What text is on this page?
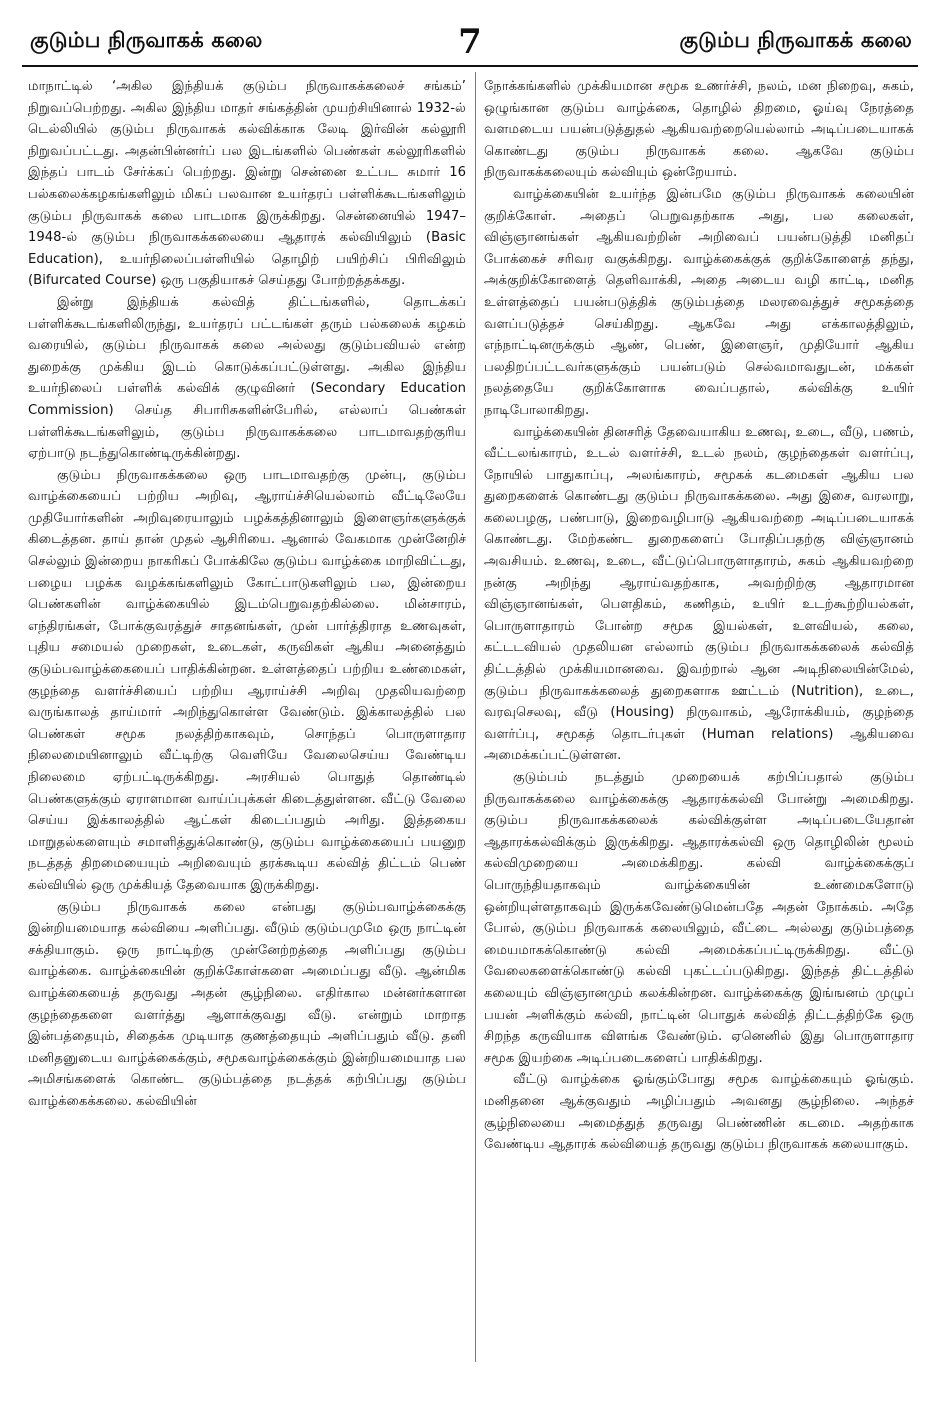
குடும்ப நிருவாகக் கலை	7	குடும்ப நிருவாகக் கலை

மாநாட்டில் ‘அகில இந்தியக் குடும்ப நிருவாகக்கலைச் சங்கம்’ நிறுவப்பெற்றது. அகில இந்திய மாதர் சங்கத்தின் முயற்சியினால் 1932-ல் டெல்லியில் குடும்ப நிருவாகக் கல்விக்காக லேடி இர்வின் கல்லூரி நிறுவப்பட்டது. அதன்பின்னர்ப் பல இடங்களில் பெண்கள் கல்லூரிகளில் இந்தப் பாடம் சேர்க்கப் பெற்றது. இன்று சென்னை உட்பட சுமார் 16 பல்கலைக்கழகங்களிலும் மிகப் பலவான உயர்தரப் பள்ளிக்கூடங்களிலும் குடும்ப நிருவாகக் கலை பாடமாக இருக்கிறது. சென்னையில் 1947–1948-ல் குடும்ப நிருவாகக்கலையை ஆதாரக் கல்வியிலும் (Basic Education), உயர்நிலைப்பள்ளியில் தொழிற் பயிற்சிப் பிரிவிலும் (Bifurcated Course) ஒரு பகுதியாகச் செய்தது போற்றத்தக்கது.

இன்று இந்தியக் கல்வித் திட்டங்களில், தொடக்கப் பள்ளிக்கூடங்களிலிருந்து, உயர்தரப் பட்டங்கள் தரும் பல்கலைக் கழகம் வரையில், குடும்ப நிருவாகக் கலை அல்லது குடும்பவியல் என்ற துறைக்கு முக்கிய இடம் கொடுக்கப்பட்டுள்ளது. அகில இந்திய உயர்நிலைப் பள்ளிக் கல்விக் குழுவினர் (Secondary Education Commission) செய்த சிபாரிசுகளின்பேரில், எல்லாப் பெண்கள் பள்ளிக்கூடங்களிலும், குடும்ப நிருவாகக்கலை பாடமாவதற்குரிய ஏற்பாடு நடந்துகொண்டிருக்கின்றது.

குடும்ப நிருவாகக்கலை ஒரு பாடமாவதற்கு முன்பு, குடும்ப வாழ்க்கையைப் பற்றிய அறிவு, ஆராய்ச்சியெல்லாம் வீட்டிலேயே முதியோர்களின் அறிவுரையாலும் பழக்கத்தினாலும் இளைஞர்களுக்குக் கிடைத்தன. தாய் தான் முதல் ஆசிரியை. ஆனால் வேகமாக முன்னேறிச் செல்லும் இன்றைய நாகரிகப் போக்கிலே குடும்ப வாழ்க்கை மாறிவிட்டது, பழைய பழக்க வழக்கங்களிலும் கோட்பாடுகளிலும் பல, இன்றைய பெண்களின் வாழ்க்கையில் இடம்பெறுவதற்கில்லை. மின்சாரம், எந்திரங்கள், போக்குவரத்துச் சாதனங்கள், முன் பார்த்திராத உணவுகள், புதிய சமையல் முறைகள், உடைகள், கருவிகள் ஆகிய அனைத்தும் குடும்பவாழ்க்கையைப் பாதிக்கின்றன. உள்ளத்தைப் பற்றிய உண்மைகள், குழந்தை வளர்ச்சியைப் பற்றிய ஆராய்ச்சி அறிவு முதலியவற்றை வருங்காலத் தாய்மார் அறிந்துகொள்ள வேண்டும். இக்காலத்தில் பல பெண்கள் சமூக நலத்திற்காகவும், சொந்தப் பொருளாதார நிலைமையினாலும் வீட்டிற்கு வெளியே வேலைசெய்ய வேண்டிய நிலைமை ஏற்பட்டிருக்கிறது. அரசியல் பொதுத் தொண்டில் பெண்களுக்கும் ஏராளமான வாய்ப்புக்கள் கிடைத்துள்ளன. வீட்டு வேலை செய்ய இக்காலத்தில் ஆட்கள் கிடைப்பதும் அரிது. இத்தகைய மாறுதல்களையும் சமாளித்துக்கொண்டு, குடும்ப வாழ்க்கையைப் பயனுற நடத்தத் திறமையையும் அறிவையும் தரக்கூடிய கல்வித் திட்டம் பெண் கல்வியில் ஒரு முக்கியத் தேவையாக இருக்கிறது.

குடும்ப நிருவாகக் கலை என்பது குடும்பவாழ்க்கைக்கு இன்றியமையாத கல்வியை அளிப்பது. வீடும் குடும்பமுமே ஒரு நாட்டின் சக்தியாகும். ஒரு நாட்டிற்கு முன்னேற்றத்தை அளிப்பது குடும்ப வாழ்க்கை. வாழ்க்கையின் குறிக்கோள்களை அமைப்பது வீடு. ஆன்மிக வாழ்க்கையைத் தருவது அதன் சூழ்நிலை. எதிர்கால மன்னர்களான குழந்தைகளை வளர்த்து ஆளாக்குவது வீடு. என்றும் மாறாத இன்பத்தையும், சிதைக்க முடியாத குணத்தையும் அளிப்பதும் வீடு. தனி மனிதனுடைய வாழ்க்கைக்கும், சமூகவாழ்க்கைக்கும் இன்றியமையாத பல அமிசங்களைக் கொண்ட குடும்பத்தை நடத்தக் கற்பிப்பது குடும்ப வாழ்க்கைக்கலை. கல்வியின்

நோக்கங்களில் முக்கியமான சமூக உணர்ச்சி, நலம், மன நிறைவு, சுகம், ஒழுங்கான குடும்ப வாழ்க்கை, தொழில் திறமை, ஓய்வு நேரத்தை வளமடைய பயன்படுத்துதல் ஆகியவற்றையெல்லாம் அடிப்படையாகக் கொண்டது குடும்ப நிருவாகக் கலை. ஆகவே குடும்ப நிருவாகக்கலையும் கல்வியும் ஒன்றேயாம்.

வாழ்க்கையின் உயர்ந்த இன்பமே குடும்ப நிருவாகக் கலையின் குறிக்கோள். அதைப் பெறுவதற்காக அது, பல கலைகள், விஞ்ஞானங்கள் ஆகியவற்றின் அறிவைப் பயன்படுத்தி மனிதப் போக்கைச் சரிவர வகுக்கிறது. வாழ்க்கைக்குக் குறிக்கோளைத் தந்து, அக்குறிக்கோளைத் தெளிவாக்கி, அதை அடைய வழி காட்டி, மனித உள்ளத்தைப் பயன்படுத்திக் குடும்பத்தை மலரவைத்துச் சமூகத்தை வளப்படுத்தச் செய்கிறது. ஆகவே அது எக்காலத்திலும், எந்நாட்டினருக்கும் ஆண், பெண், இளைஞர், முதியோர் ஆகிய பலதிறப்பட்டவர்களுக்கும் பயன்படும் செல்வமாவதுடன், மக்கள் நலத்தையே குறிக்கோளாக வைப்பதால், கல்விக்கு உயிர் நாடிபோலாகிறது.

வாழ்க்கையின் தினசரித் தேவையாகிய உணவு, உடை, வீடு, பணம், வீட்டலங்காரம், உடல் வளர்ச்சி, உடல் நலம், குழந்தைகள் வளர்ப்பு, நோயில் பாதுகாப்பு, அலங்காரம், சமூகக் கடமைகள் ஆகிய பல துறைகளைக் கொண்டது குடும்ப நிருவாகக்கலை. அது இசை, வரலாறு, கலைபழகு, பண்பாடு, இறைவழிபாடு ஆகியவற்றை அடிப்படையாகக் கொண்டது. மேற்கண்ட துறைகளைப் போதிப்பதற்கு விஞ்ஞானம் அவசியம். உணவு, உடை, வீட்டுப்பொருளாதாரம், சுகம் ஆகியவற்றை நன்கு அறிந்து ஆராய்வதற்காக, அவற்றிற்கு ஆதாரமான விஞ்ஞானங்கள், பௌதிகம், கணிதம், உயிர் உடற்கூற்றியல்கள், பொருளாதாரம் போன்ற சமூக இயல்கள், உளவியல், கலை, கட்டடவியல் முதலியன எல்லாம் குடும்ப நிருவாகக்கலைக் கல்வித் திட்டத்தில் முக்கியமானவை. இவற்றால் ஆன அடிநிலையின்மேல், குடும்ப நிருவாகக்கலைத் துறைகளாக ஊட்டம் (Nutrition), உடை, வரவுசெலவு, வீடு (Housing) நிருவாகம், ஆரோக்கியம், குழந்தை வளர்ப்பு, சமூகத் தொடர்புகள் (Human relations) ஆகியவை அமைக்கப்பட்டுள்ளன.

குடும்பம் நடத்தும் முறையைக் கற்பிப்பதால் குடும்ப நிருவாகக்கலை வாழ்க்கைக்கு ஆதாரக்கல்வி போன்று அமைகிறது. குடும்ப நிருவாகக்கலைக் கல்விக்குள்ள அடிப்படையேதான் ஆதாரக்கல்விக்கும் இருக்கிறது. ஆதாரக்கல்வி ஒரு தொழிலின் மூலம் கல்விமுறையை அமைக்கிறது. கல்வி வாழ்க்கைக்குப் பொருந்தியதாகவும் வாழ்க்கையின் உண்மைகளோடு ஒன்றியுள்ளதாகவும் இருக்கவேண்டுமென்பதே அதன் நோக்கம். அதே போல், குடும்ப நிருவாகக் கலையிலும், வீட்டை அல்லது குடும்பத்தை மையமாகக்கொண்டு கல்வி அமைக்கப்பட்டிருக்கிறது. வீட்டு வேலைகளைக்கொண்டு கல்வி புகட்டப்படுகிறது. இந்தத் திட்டத்தில் கலையும் விஞ்ஞானமும் கலக்கின்றன. வாழ்க்கைக்கு இங்ஙனம் முழுப் பயன் அளிக்கும் கல்வி, நாட்டின் பொதுக் கல்வித் திட்டத்திற்கே ஒரு சிறந்த கருவியாக விளங்க வேண்டும். ஏனெனில் இது பொருளாதார சமூக இயற்கை அடிப்படைகளைப் பாதிக்கிறது.

வீட்டு வாழ்க்கை ஓங்கும்போது சமூக வாழ்க்கையும் ஓங்கும். மனிதனை ஆக்குவதும் அழிப்பதும் அவனது சூழ்நிலை. அந்தச் சூழ்நிலையை அமைத்துத் தருவது பெண்ணின் கடமை. அதற்காக வேண்டிய ஆதாரக் கல்வியைத் தருவது குடும்ப நிருவாகக் கலையாகும்.
